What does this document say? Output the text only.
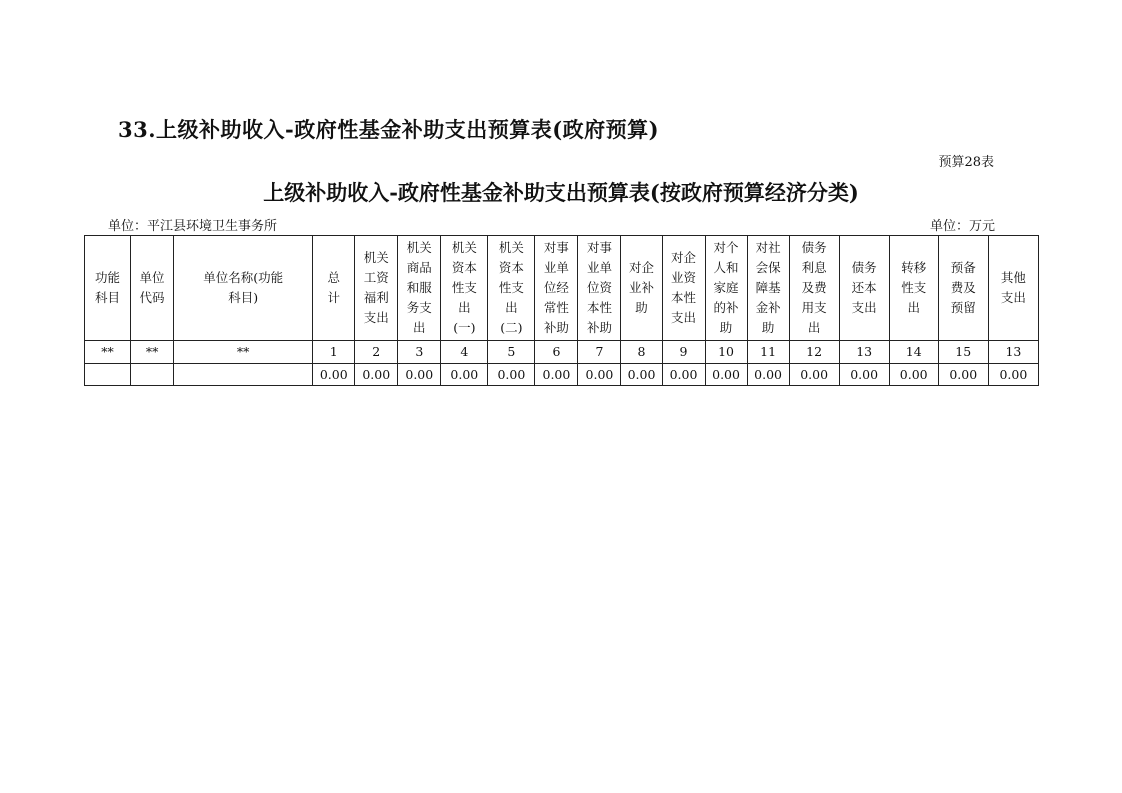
33.上级补助收入-政府性基金补助支出预算表(政府预算)
预算28表
上级补助收入-政府性基金补助支出预算表(按政府预算经济分类)
单位：平江县环境卫生事务所	单位：万元
功能科目	单位代码	单位名称(功能科目)	总计	机关工资福利支出	机关商品和服务支出	机关资本性支出(一)	机关资本性支出(二)	对事业单位经常性补助	对事业单位资本性补助	对企业补助	对企业资本性支出	对个人和家庭的补助	对社会保障基金补助	债务利息及费用支出	债务还本支出	转移性支出	预备费及预留	其他支出
**	**	**	1	2	3	4	5	6	7	8	9	10	11	12	13	14	15	13
			0.00	0.00	0.00	0.00	0.00	0.00	0.00	0.00	0.00	0.00	0.00	0.00	0.00	0.00	0.00	0.00
